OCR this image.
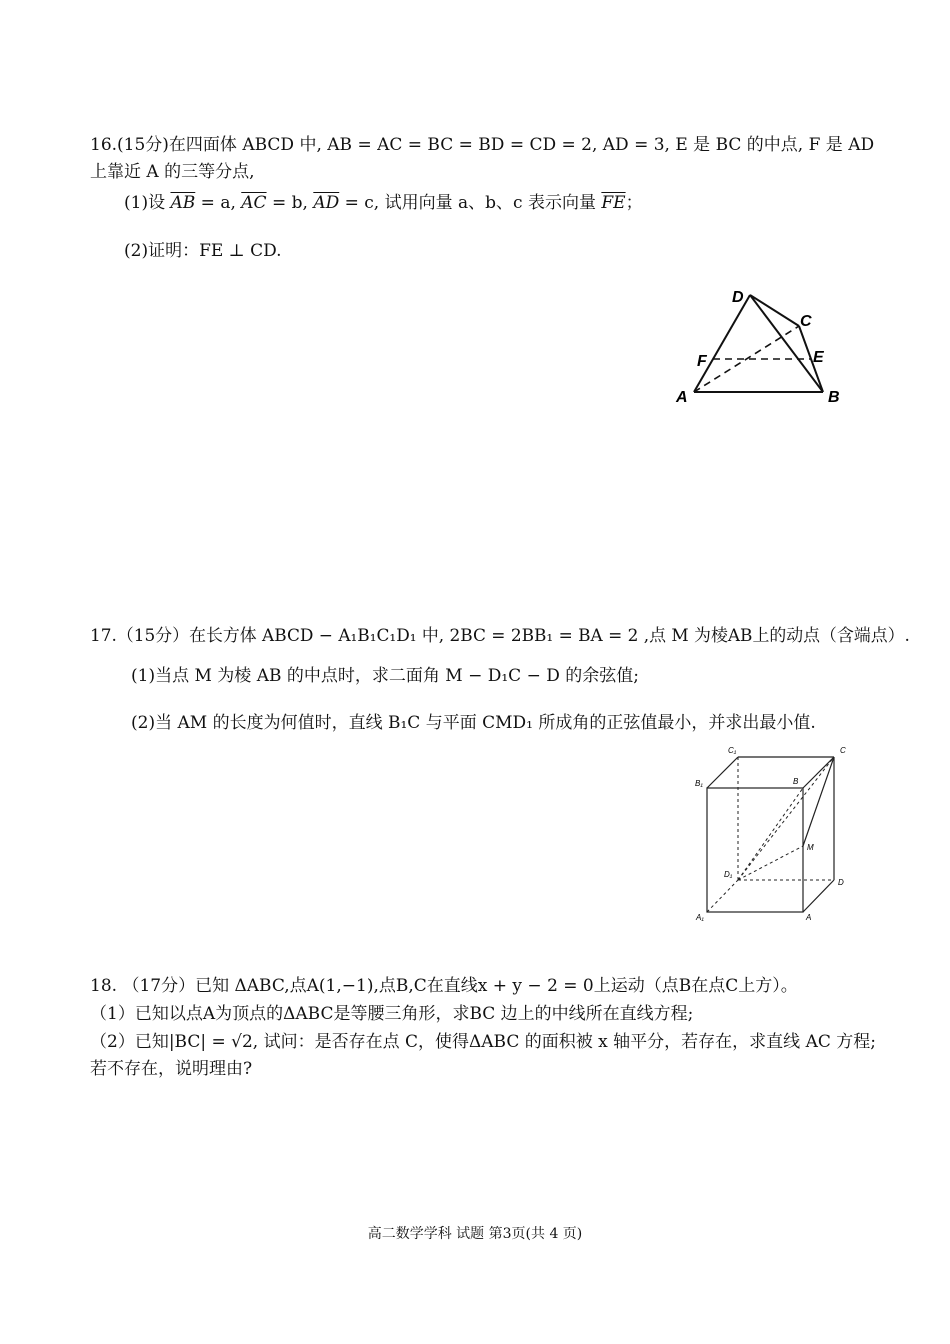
16.(15分)在四面体 ABCD 中, AB = AC = BC = BD = CD = 2, AD = 3, E 是 BC 的中点, F 是 AD
上靠近 A 的三等分点,
(1)设 $\overline{AB} = a$, $\overline{AC} = b$, $\overline{AD} = c$, 试用向量 a、b、c 表示向量 $\overline{FE}$；
(2)证明：FE ⊥ CD.
D
C
F	E
A	B
17.（15分）在长方体 ABCD − A₁B₁C₁D₁ 中, 2BC = 2BB₁ = BA = 2 ,点 M 为棱AB上的动点（含端点）.
(1)当点 M 为棱 AB 的中点时，求二面角 M − D₁C − D 的余弦值;
(2)当 AM 的长度为何值时，直线 B₁C 与平面 CMD₁ 所成角的正弦值最小，并求出最小值.
C₁	C
B₁	B
M
D₁
D
A₁	A
18. （17分）已知 ΔABC,点A(1,−1),点B,C在直线x + y − 2 = 0上运动（点B在点C上方）。
（1）已知以点A为顶点的ΔABC是等腰三角形，求BC 边上的中线所在直线方程;
（2）已知|BC| = √2, 试问：是否存在点 C，使得ΔABC 的面积被 x 轴平分，若存在，求直线 AC 方程;
若不存在，说明理由?
高二数学学科 试题 第3页(共 4 页)
